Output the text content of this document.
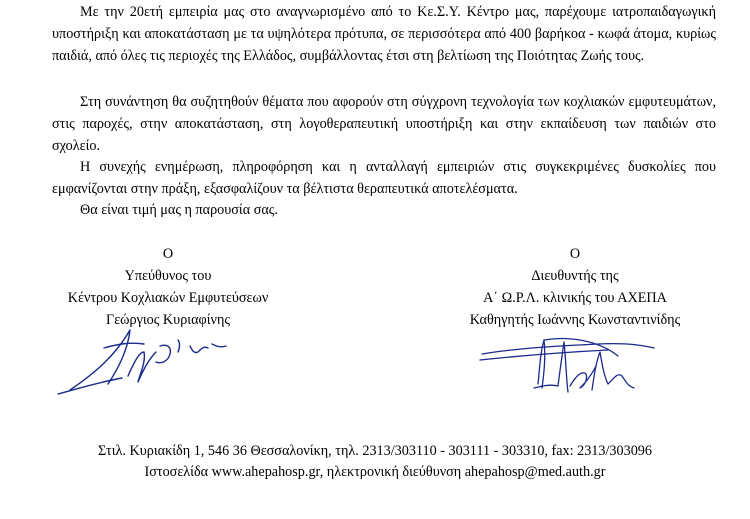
Με την 20ετή εμπειρία μας στο αναγνωρισμένο από το Κε.Σ.Υ. Κέντρο μας, παρέχουμε ιατροπαιδαγωγική υποστήριξη και αποκατάσταση με τα υψηλότερα πρότυπα, σε περισσότερα από 400 βαρήκοα - κωφά άτομα, κυρίως παιδιά, από όλες τις περιοχές της Ελλάδος, συμβάλλοντας έτσι στη βελτίωση της Ποιότητας Ζωής τους.

Στη συνάντηση θα συζητηθούν θέματα που αφορούν στη σύγχρονη τεχνολογία των κοχλιακών εμφυτευμάτων, στις παροχές, στην αποκατάσταση, στη λογοθεραπευτική υποστήριξη και στην εκπαίδευση των παιδιών στο σχολείο.

Η συνεχής ενημέρωση, πληροφόρηση και η ανταλλαγή εμπειριών στις συγκεκριμένες δυσκολίες που εμφανίζονται στην πράξη, εξασφαλίζουν τα βέλτιστα θεραπευτικά αποτελέσματα.

Θα είναι τιμή μας η παρουσία σας.

Ο
Υπεύθυνος του
Κέντρου Κοχλιακών Εμφυτεύσεων
Γεώργιος Κυριαφίνης
Ο
Διευθυντής της
Α΄ Ω.Ρ.Λ. κλινικής του ΑΧΕΠΑ
Καθηγητής Ιωάννης Κωνσταντινίδης
Στιλ. Κυριακίδη 1, 546 36 Θεσσαλονίκη, τηλ. 2313/303110 - 303111 - 303310, fax: 2313/303096
Ιστοσελίδα www.ahepahosp.gr, ηλεκτρονική διεύθυνση ahepahosp@med.auth.gr
